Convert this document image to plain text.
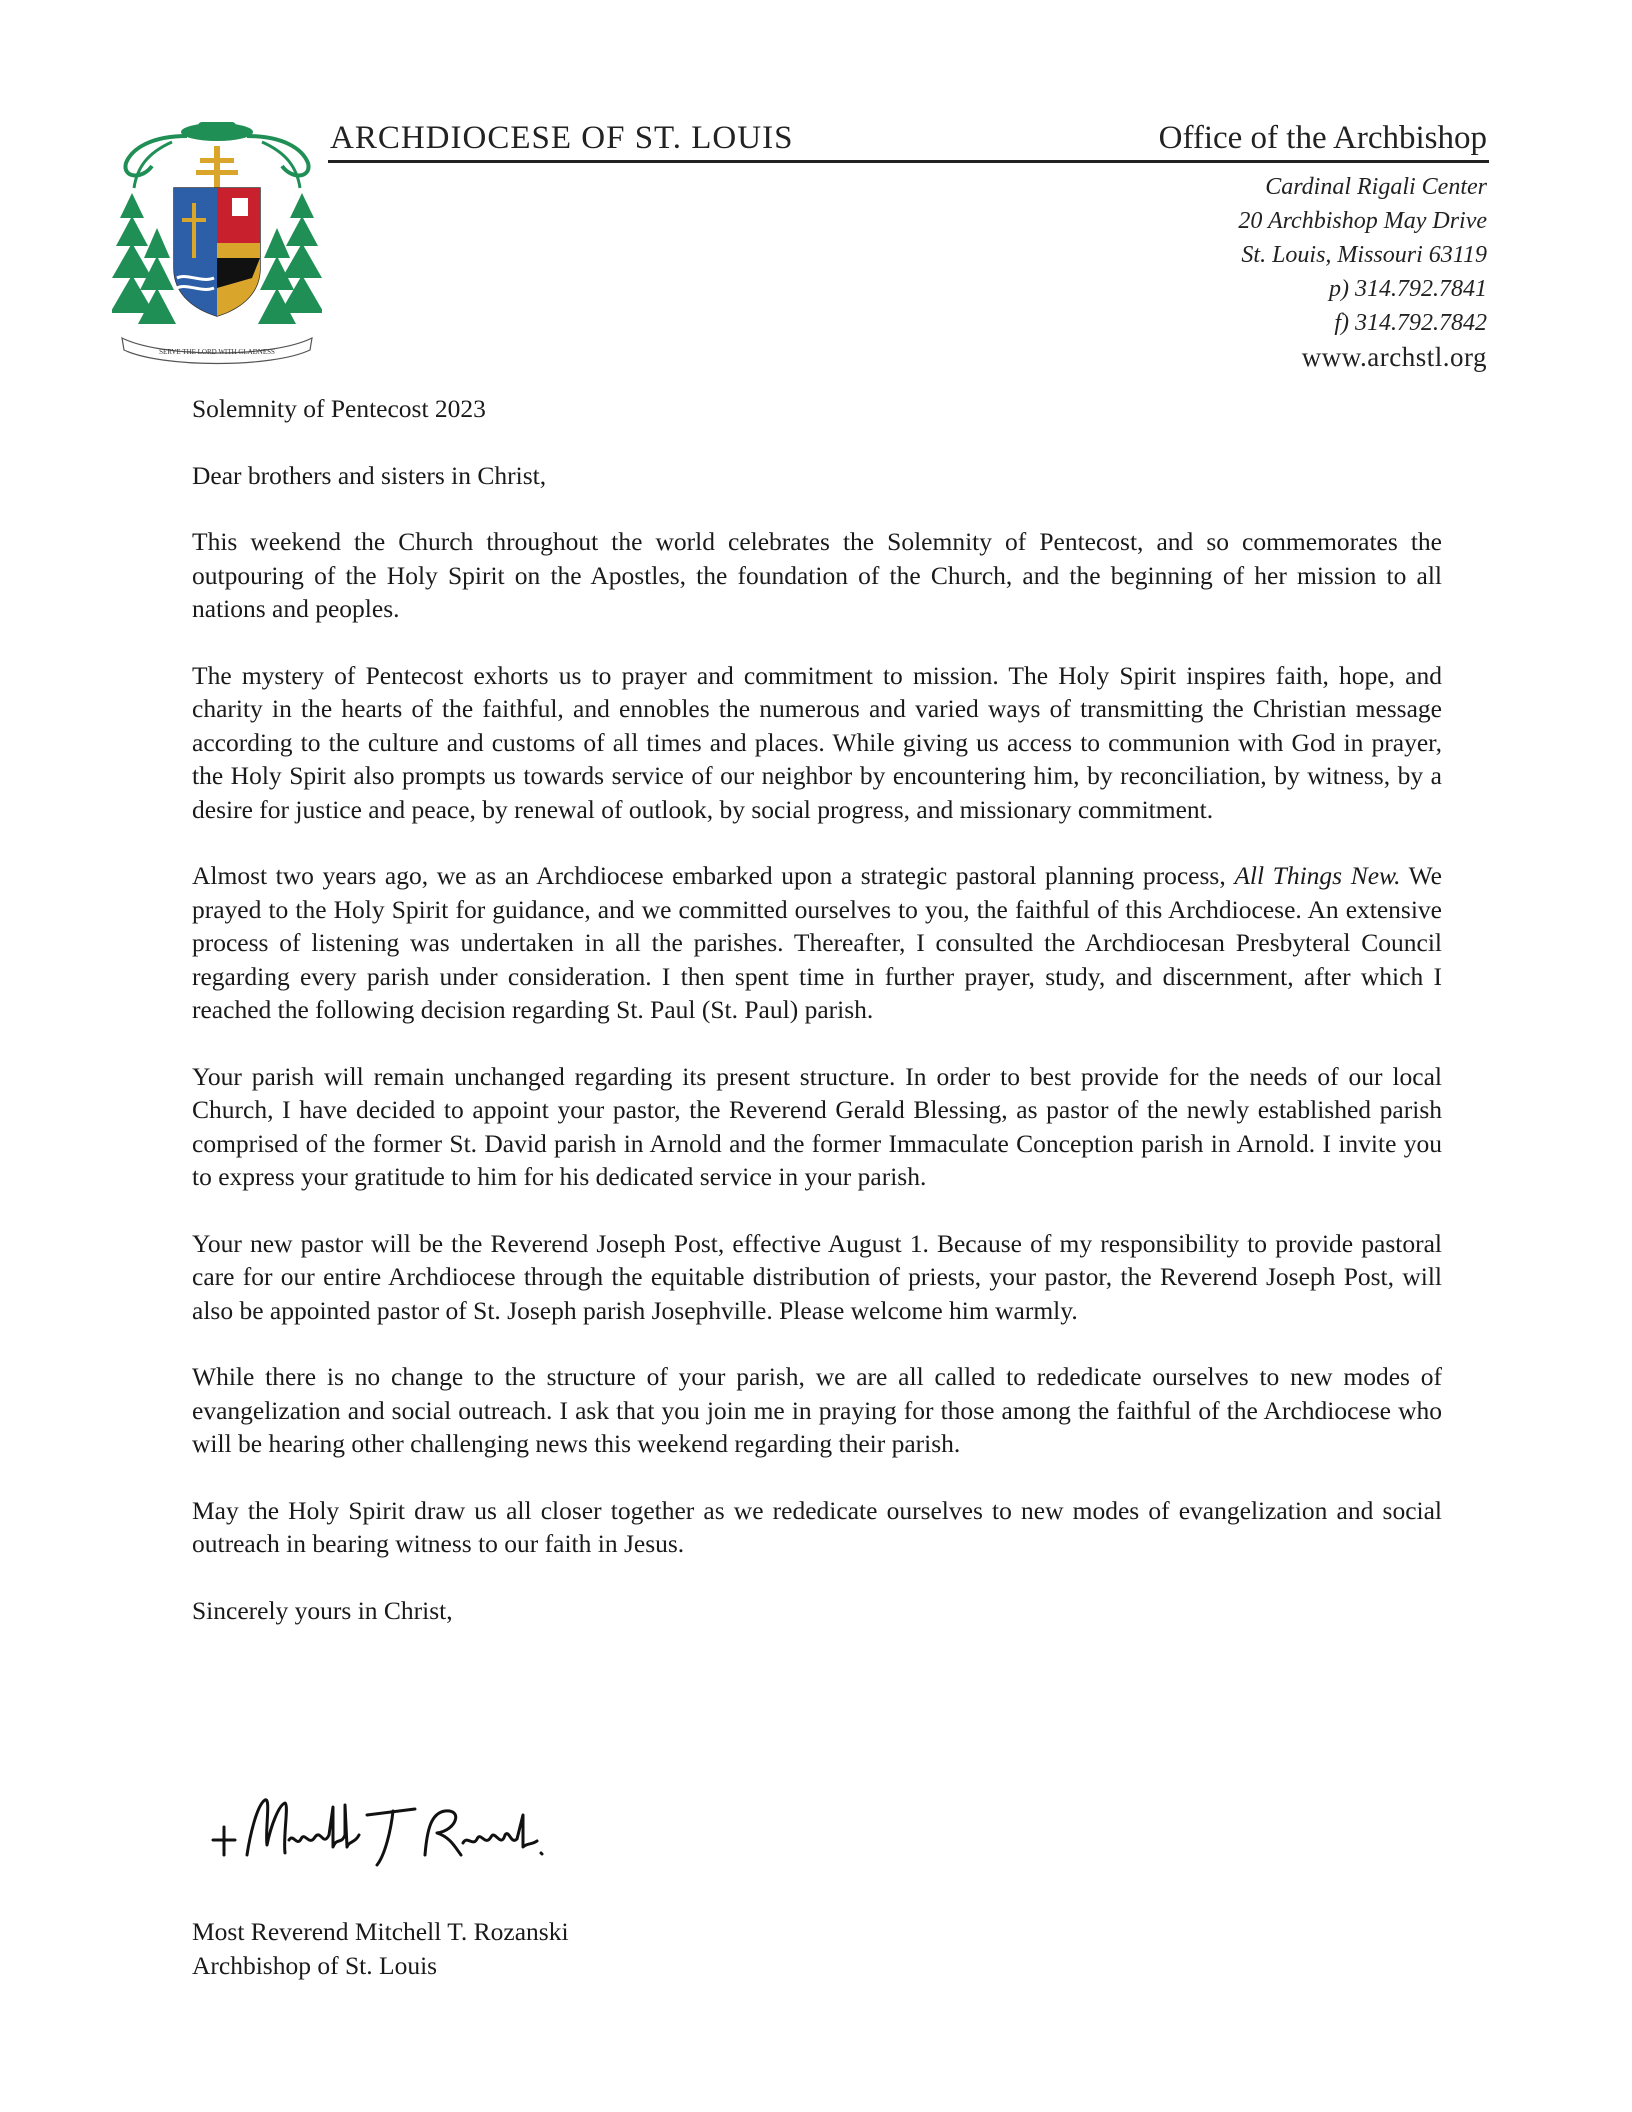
SERVE THE LORD WITH GLADNESS
ARCHDIOCESE OF ST. LOUIS	Office of the Archbishop
Cardinal Rigali Center
20 Archbishop May Drive
St. Louis, Missouri 63119
p) 314.792.7841
f) 314.792.7842
www.archstl.org

Solemnity of Pentecost 2023

Dear brothers and sisters in Christ,

This weekend the Church throughout the world celebrates the Solemnity of Pentecost, and so commemorates the outpouring of the Holy Spirit on the Apostles, the foundation of the Church, and the beginning of her mission to all nations and peoples.

The mystery of Pentecost exhorts us to prayer and commitment to mission. The Holy Spirit inspires faith, hope, and charity in the hearts of the faithful, and ennobles the numerous and varied ways of transmitting the Christian message according to the culture and customs of all times and places. While giving us access to communion with God in prayer, the Holy Spirit also prompts us towards service of our neighbor by encountering him, by reconciliation, by witness, by a desire for justice and peace, by renewal of outlook, by social progress, and missionary commitment.

Almost two years ago, we as an Archdiocese embarked upon a strategic pastoral planning process, All Things New. We prayed to the Holy Spirit for guidance, and we committed ourselves to you, the faithful of this Archdiocese. An extensive process of listening was undertaken in all the parishes. Thereafter, I consulted the Archdiocesan Presbyteral Council regarding every parish under consideration. I then spent time in further prayer, study, and discernment, after which I reached the following decision regarding St. Paul (St. Paul) parish.

Your parish will remain unchanged regarding its present structure. In order to best provide for the needs of our local Church, I have decided to appoint your pastor, the Reverend Gerald Blessing, as pastor of the newly established parish comprised of the former St. David parish in Arnold and the former Immaculate Conception parish in Arnold. I invite you to express your gratitude to him for his dedicated service in your parish.

Your new pastor will be the Reverend Joseph Post, effective August 1. Because of my responsibility to provide pastoral care for our entire Archdiocese through the equitable distribution of priests, your pastor, the Reverend Joseph Post, will also be appointed pastor of St. Joseph parish Josephville. Please welcome him warmly.

While there is no change to the structure of your parish, we are all called to rededicate ourselves to new modes of evangelization and social outreach. I ask that you join me in praying for those among the faithful of the Archdiocese who will be hearing other challenging news this weekend regarding their parish.

May the Holy Spirit draw us all closer together as we rededicate ourselves to new modes of evangelization and social outreach in bearing witness to our faith in Jesus.

Sincerely yours in Christ,

Most Reverend Mitchell T. Rozanski
Archbishop of St. Louis
